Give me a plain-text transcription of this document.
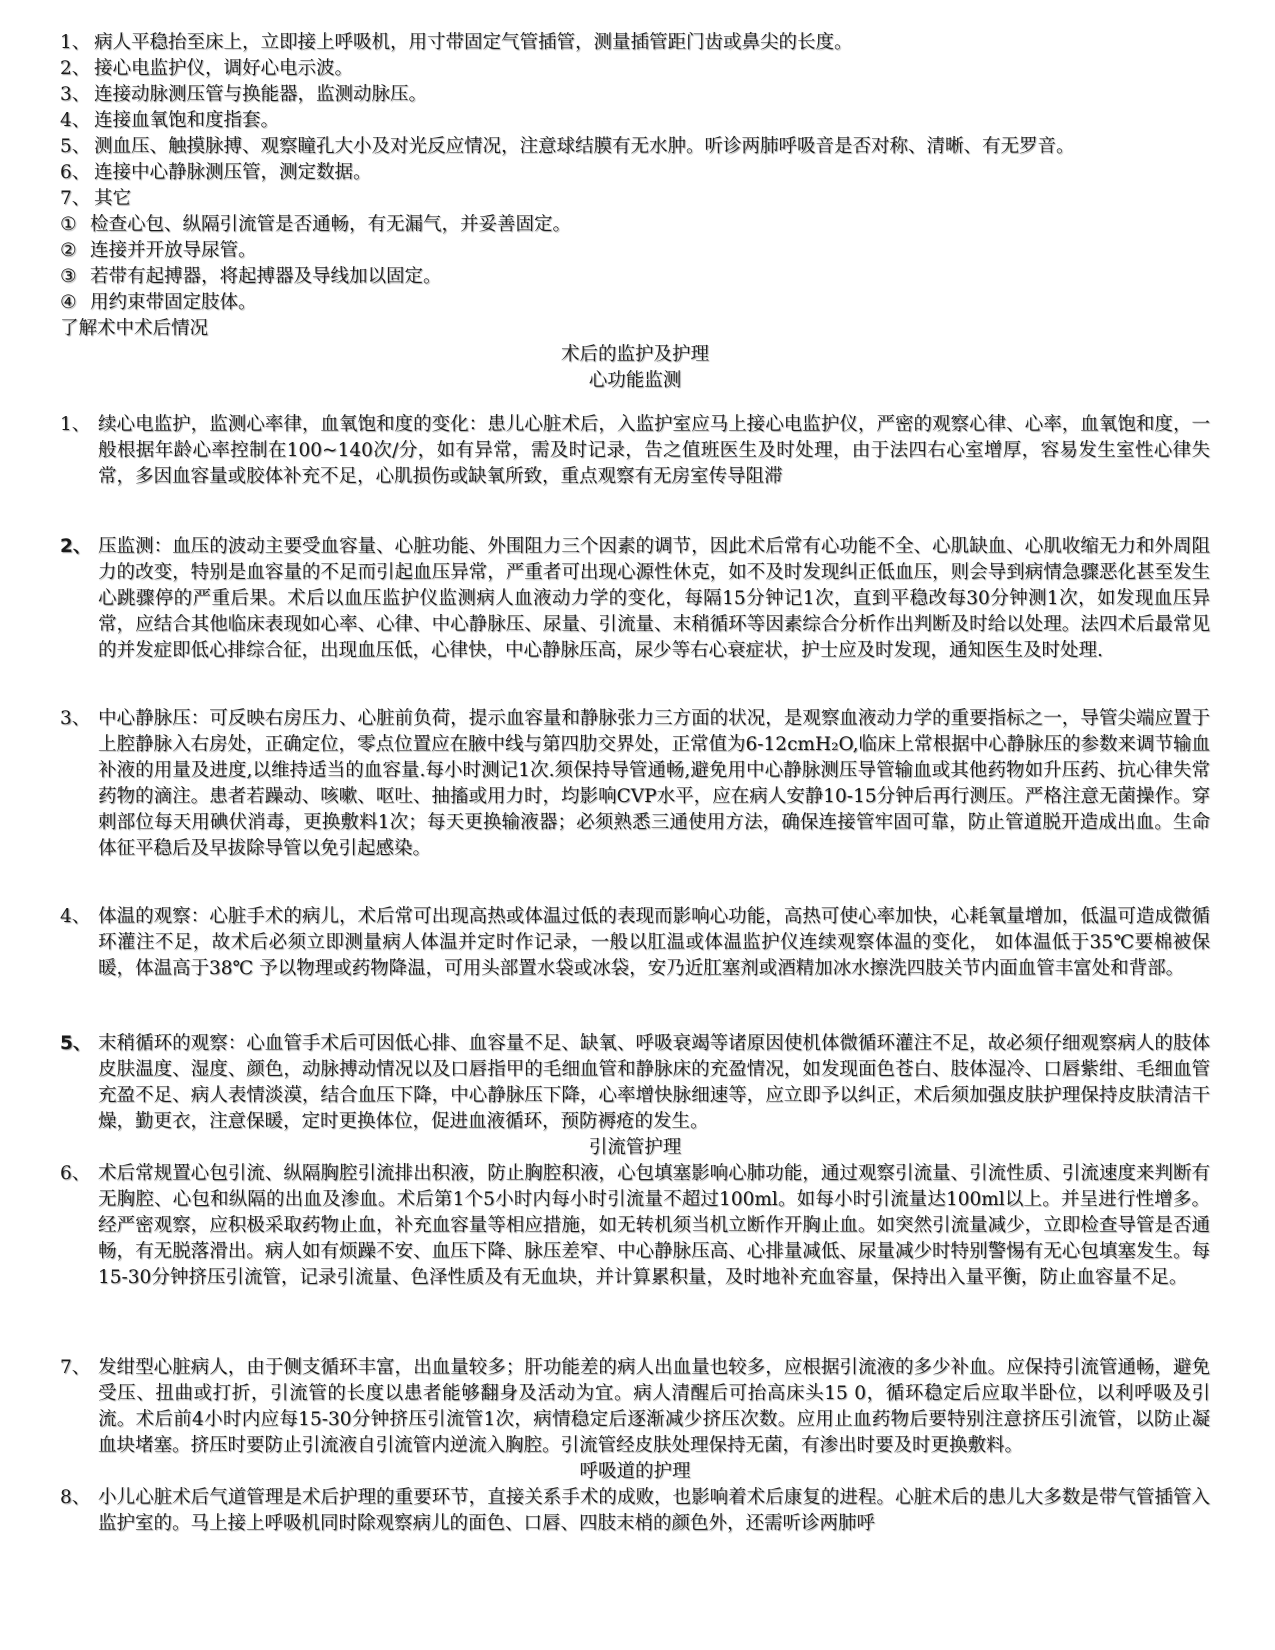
1、 病人平稳抬至床上，立即接上呼吸机，用寸带固定气管插管，测量插管距门齿或鼻尖的长度。
2、 接心电监护仪，调好心电示波。
3、 连接动脉测压管与换能器，监测动脉压。
4、 连接血氧饱和度指套。
5、 测血压、触摸脉搏、观察瞳孔大小及对光反应情况，注意球结膜有无水肿。听诊两肺呼吸音是否对称、清晰、有无罗音。
6、 连接中心静脉测压管，测定数据。
7、 其它
① 检查心包、纵隔引流管是否通畅，有无漏气，并妥善固定。
② 连接并开放导尿管。
③ 若带有起搏器，将起搏器及导线加以固定。
④ 用约束带固定肢体。
了解术中术后情况
术后的监护及护理
心功能监测
1、 续心电监护，监测心率律，血氧饱和度的变化：患儿心脏术后，入监护室应马上接心电监护仪，严密的观察心律、心率，血氧饱和度，一般根据年龄心率控制在100~140次/分，如有异常，需及时记录，告之值班医生及时处理，由于法四右心室增厚，容易发生室性心律失常，多因血容量或胶体补充不足，心肌损伤或缺氧所致，重点观察有无房室传导阻滞
2、 压监测：血压的波动主要受血容量、心脏功能、外围阻力三个因素的调节，因此术后常有心功能不全、心肌缺血、心肌收缩无力和外周阻力的改变，特别是血容量的不足而引起血压异常，严重者可出现心源性休克，如不及时发现纠正低血压，则会导到病情急骤恶化甚至发生心跳骤停的严重后果。术后以血压监护仪监测病人血液动力学的变化，每隔15分钟记1次，直到平稳改每30分钟测1次，如发现血压异常，应结合其他临床表现如心率、心律、中心静脉压、尿量、引流量、末稍循环等因素综合分析作出判断及时给以处理。法四术后最常见的并发症即低心排综合征，出现血压低，心律快，中心静脉压高，尿少等右心衰症状，护士应及时发现，通知医生及时处理.
3、 中心静脉压：可反映右房压力、心脏前负荷，提示血容量和静脉张力三方面的状况，是观察血液动力学的重要指标之一，导管尖端应置于上腔静脉入右房处，正确定位，零点位置应在腋中线与第四肋交界处，正常值为6-12cmH₂O,临床上常根据中心静脉压的参数来调节输血补液的用量及进度,以维持适当的血容量.每小时测记1次.须保持导管通畅,避免用中心静脉测压导管输血或其他药物如升压药、抗心律失常药物的滴注。患者若躁动、咳嗽、呕吐、抽搐或用力时，均影响CVP水平，应在病人安静10-15分钟后再行测压。严格注意无菌操作。穿刺部位每天用碘伏消毒，更换敷料1次；每天更换输液器；必须熟悉三通使用方法，确保连接管牢固可靠，防止管道脱开造成出血。生命体征平稳后及早拔除导管以免引起感染。
4、 体温的观察：心脏手术的病儿，术后常可出现高热或体温过低的表现而影响心功能，高热可使心率加快，心耗氧量增加，低温可造成微循环灌注不足，故术后必须立即测量病人体温并定时作记录，一般以肛温或体温监护仪连续观察体温的变化， 如体温低于35℃要棉被保暖，体温高于38℃ 予以物理或药物降温，可用头部置水袋或冰袋，安乃近肛塞剂或酒精加冰水擦洗四肢关节内面血管丰富处和背部。
5、 末稍循环的观察：心血管手术后可因低心排、血容量不足、缺氧、呼吸衰竭等诸原因使机体微循环灌注不足，故必须仔细观察病人的肢体皮肤温度、湿度、颜色，动脉搏动情况以及口唇指甲的毛细血管和静脉床的充盈情况，如发现面色苍白、肢体湿冷、口唇紫绀、毛细血管充盈不足、病人表情淡漠，结合血压下降，中心静脉压下降，心率增快脉细速等，应立即予以纠正，术后须加强皮肤护理保持皮肤清洁干燥，勤更衣，注意保暖，定时更换体位，促进血液循环，预防褥疮的发生。
引流管护理
6、 术后常规置心包引流、纵隔胸腔引流排出积液，防止胸腔积液，心包填塞影响心肺功能，通过观察引流量、引流性质、引流速度来判断有无胸腔、心包和纵隔的出血及渗血。术后第1个5小时内每小时引流量不超过100ml。如每小时引流量达100ml以上。并呈进行性增多。经严密观察，应积极采取药物止血，补充血容量等相应措施，如无转机须当机立断作开胸止血。如突然引流量减少，立即检查导管是否通畅，有无脱落滑出。病人如有烦躁不安、血压下降、脉压差窄、中心静脉压高、心排量减低、尿量减少时特别警惕有无心包填塞发生。每15-30分钟挤压引流管，记录引流量、色泽性质及有无血块，并计算累积量，及时地补充血容量，保持出入量平衡，防止血容量不足。
7、 发绀型心脏病人，由于侧支循环丰富，出血量较多；肝功能差的病人出血量也较多，应根据引流液的多少补血。应保持引流管通畅，避免受压、扭曲或打折，引流管的长度以患者能够翻身及活动为宜。病人清醒后可抬高床头15 0，循环稳定后应取半卧位，以利呼吸及引流。术后前4小时内应每15-30分钟挤压引流管1次，病情稳定后逐渐减少挤压次数。应用止血药物后要特别注意挤压引流管，以防止凝血块堵塞。挤压时要防止引流液自引流管内逆流入胸腔。引流管经皮肤处理保持无菌，有渗出时要及时更换敷料。
呼吸道的护理
8、 小儿心脏术后气道管理是术后护理的重要环节，直接关系手术的成败，也影响着术后康复的进程。心脏术后的患儿大多数是带气管插管入监护室的。马上接上呼吸机同时除观察病儿的面色、口唇、四肢末梢的颜色外，还需听诊两肺呼
